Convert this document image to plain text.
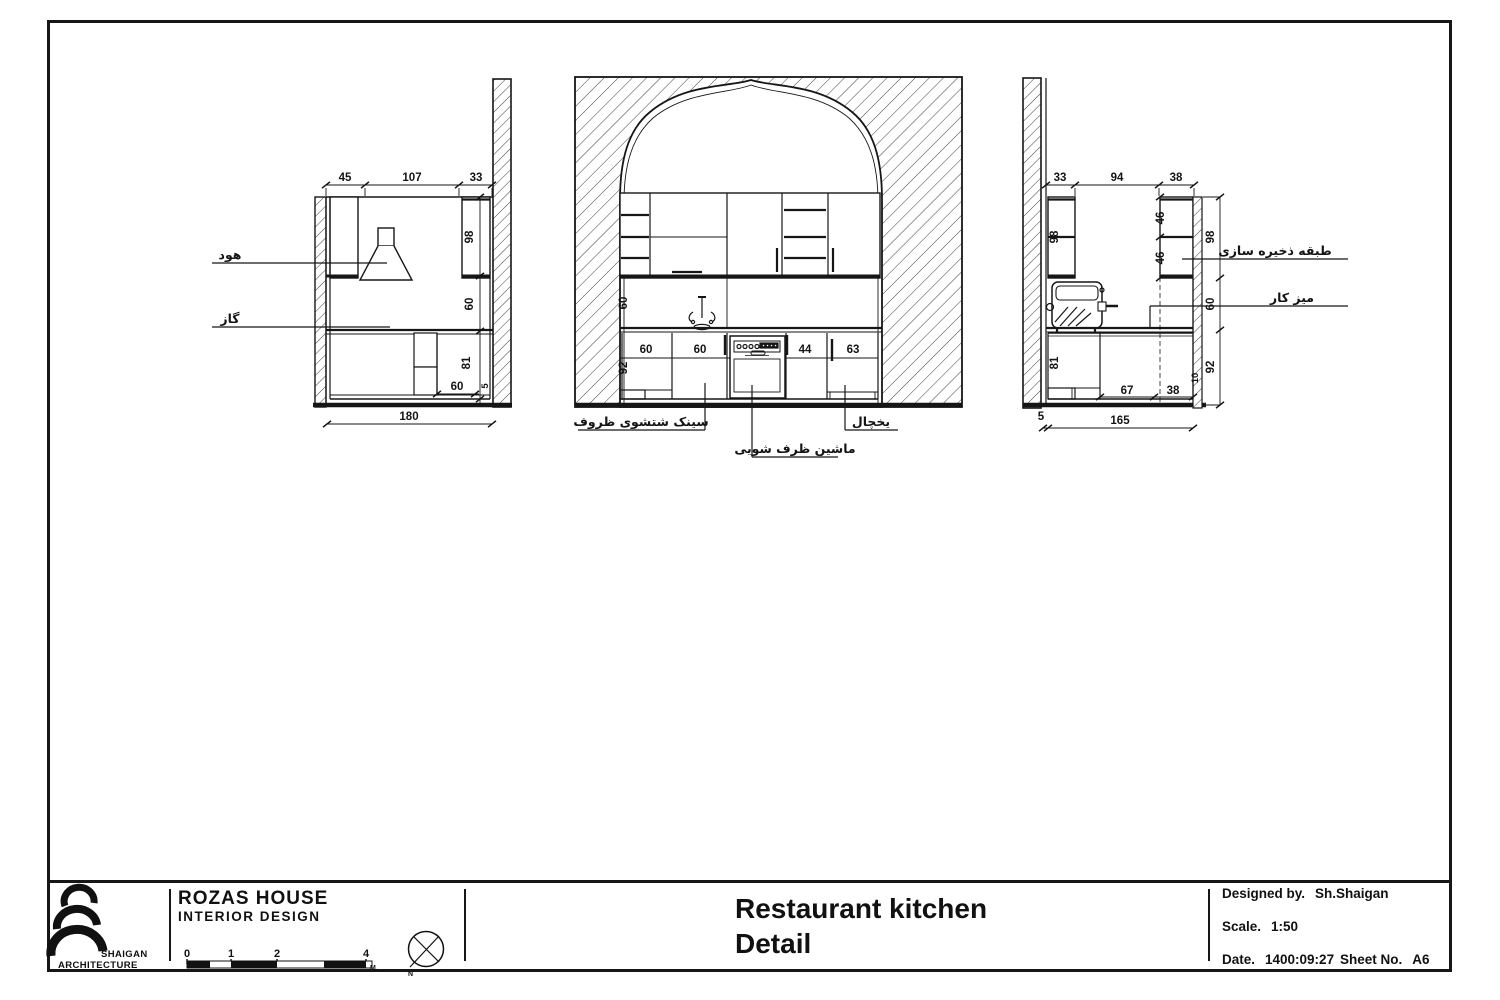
45	107	33
98
60
81
60 5
180
هود
گاز
60
92
60	60	44	63
سینک شتشوی ظروف
ماشین ظرف شویی
یخچال
33	94	38
98
46
46
98
60
92
81
67	38
10
5	165
طبقه ذخیره سازی
میز کار
SHAIGAN
ARCHITECTURE
ROZAS HOUSE
INTERIOR DESIGN
0	1	2	4
M.
N
Restaurant kitchen
Detail
Designed by. Sh.Shaigan
Scale. 1:50
Date. 1400:09:27 Sheet No. A6
